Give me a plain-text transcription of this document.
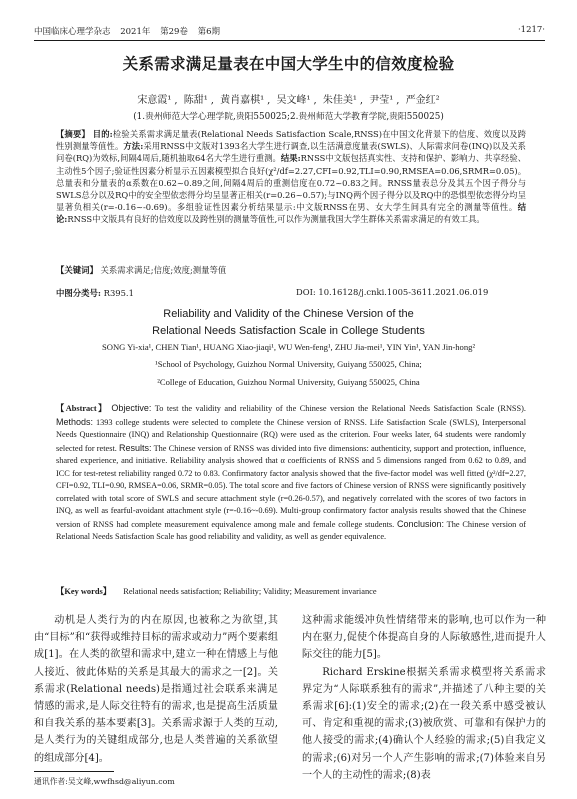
中国临床心理学杂志 2021年 第29卷 第6期	·1217·
关系需求满足量表在中国大学生中的信效度检验
宋意霞¹ , 陈甜¹ , 黄肖嘉棋¹ , 吴文峰¹ , 朱佳美¹ , 尹莹¹ , 严金红²
(1.贵州师范大学心理学院,贵阳550025;2.贵州师范大学教育学院,贵阳550025)

【摘要】 目的:检验关系需求满足量表(Relational Needs Satisfaction Scale,RNSS)在中国文化背景下的信度、效度以及跨性别测量等值性。方法:采用RNSS中文版对1393名大学生进行调查,以生活满意度量表(SWLS)、人际需求问卷(INQ)以及关系问卷(RQ)为效标,间隔4周后,随机抽取64名大学生进行重测。结果:RNSS中文版包括真实性、支持和保护、影响力、共享经验、主动性5个因子;验证性因素分析显示五因素模型拟合良好(χ²/df=2.27,CFI=0.92,TLI=0.90,RMSEA=0.06,SRMR=0.05)。总量表和分量表的α系数在0.62~0.89之间,间隔4周后的重测信度在0.72~0.83之间。RNSS量表总分及其五个因子得分与SWLS总分以及RQ中的安全型依恋得分均呈显著正相关(r=0.26~0.57);与INQ两个因子得分以及RQ中的恐惧型依恋得分均呈显著负相关(r=-0.16~-0.69)。多组验证性因素分析结果显示:中文版RNSS在男、女大学生间具有完全的测量等值性。结论:RNSS中文版具有良好的信效度以及跨性别的测量等值性,可以作为测量我国大学生群体关系需求满足的有效工具。

【关键词】 关系需求满足;信度;效度;测量等值
中图分类号: R395.1	DOI: 10.16128/j.cnki.1005-3611.2021.06.019
Reliability and Validity of the Chinese Version of the
Relational Needs Satisfaction Scale in College Students
SONG Yi-xia¹, CHEN Tian¹, HUANG Xiao-jiaqi¹, WU Wen-feng¹, ZHU Jia-mei¹, YIN Yin¹, YAN Jin-hong²
¹School of Psychology, Guizhou Normal University, Guiyang 550025, China;
²College of Education, Guizhou Normal University, Guiyang 550025, China

【Abstract】 Objective: To test the validity and reliability of the Chinese version the Relational Needs Satisfaction Scale (RNSS). Methods: 1393 college students were selected to complete the Chinese version of RNSS. Life Satisfaction Scale (SWLS), Interpersonal Needs Questionnaire (INQ) and Relationship Questionnaire (RQ) were used as the criterion. Four weeks later, 64 students were randomly selected for retest. Results: The Chinese version of RNSS was divided into five dimensions: authenticity, support and protection, influence, shared experience, and initiative. Reliability analysis showed that α coefficients of RNSS and 5 dimensions ranged from 0.62 to 0.89, and ICC for test-retest reliability ranged 0.72 to 0.83. Confirmatory factor analysis showed that the five-factor model was well fitted (χ²/df=2.27, CFI=0.92, TLI=0.90, RMSEA=0.06, SRMR=0.05). The total score and five factors of Chinese version of RNSS were significantly positively correlated with total score of SWLS and secure attachment style (r=0.26-0.57), and negatively correlated with the scores of two factors in INQ, as well as fearful-avoidant attachment style (r=-0.16~-0.69). Multi-group confirmatory factor analysis results showed that the Chinese version of RNSS had complete measurement equivalence among male and female college students. Conclusion: The Chinese version of Relational Needs Satisfaction Scale has good reliability and validity, as well as gender equivalence.

【Key words】 Relational needs satisfaction; Reliability; Validity; Measurement invariance

动机是人类行为的内在原因,也被称之为欲望,其由“目标”和“获得或维持目标的需求或动力”两个要素组成[1]。在人类的欲望和需求中,建立一种在情感上与他人接近、彼此体贴的关系是其最大的需求之一[2]。关系需求(Relational needs)是指通过社会联系来满足情感的需求,是人际交往特有的需求,也是提高生活质量和自我关系的基本要素[3]。关系需求源于人类的互动,是人类行为的关键组成部分,也是人类普遍的关系欲望的组成部分[4]。

这种需求能缓冲负性情绪带来的影响,也可以作为一种内在驱力,促使个体提高自身的人际敏感性,进而提升人际交往的能力[5]。

Richard Erskine根据关系需求模型将关系需求界定为“人际联系独有的需求”,并描述了八种主要的关系需求[6]:(1)安全的需求;(2)在一段关系中感受被认可、肯定和重视的需求;(3)被欣赏、可靠和有保护力的他人接受的需求;(4)确认个人经验的需求;(5)自我定义的需求;(6)对另一个人产生影响的需求;(7)体验来自另一个人的主动性的需求;(8)表

通讯作者:吴文峰,wwfhsd@aliyun.com
